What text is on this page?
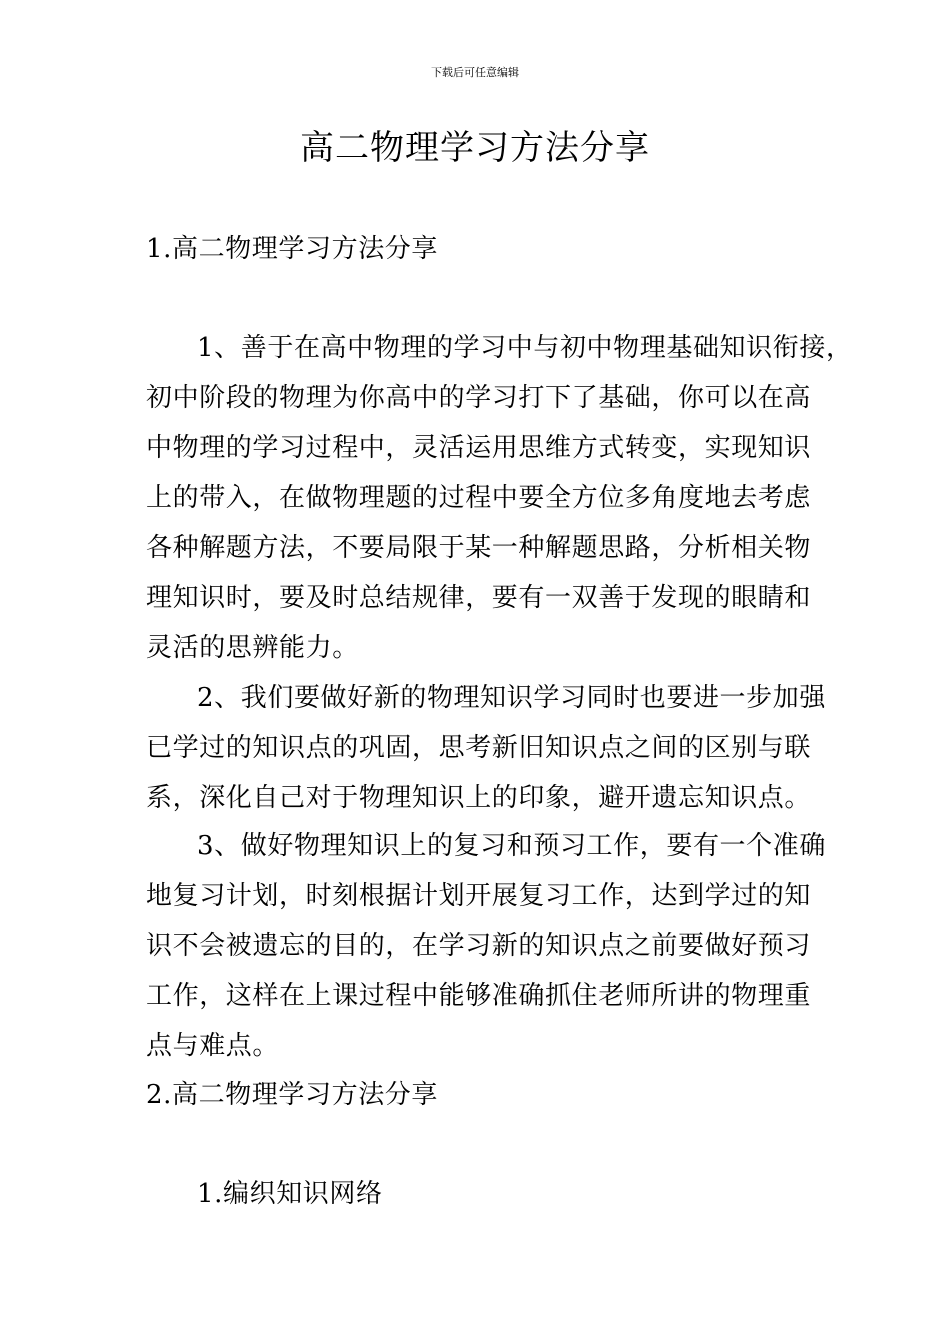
下载后可任意编辑
高二物理学习方法分享
1.高二物理学习方法分享
1、善于在高中物理的学习中与初中物理基础知识衔接，
初中阶段的物理为你高中的学习打下了基础，你可以在高
中物理的学习过程中，灵活运用思维方式转变，实现知识
上的带入，在做物理题的过程中要全方位多角度地去考虑
各种解题方法，不要局限于某一种解题思路，分析相关物
理知识时，要及时总结规律，要有一双善于发现的眼睛和
灵活的思辨能力。
2、我们要做好新的物理知识学习同时也要进一步加强
已学过的知识点的巩固，思考新旧知识点之间的区别与联
系，深化自己对于物理知识上的印象，避开遗忘知识点。
3、做好物理知识上的复习和预习工作，要有一个准确
地复习计划，时刻根据计划开展复习工作，达到学过的知
识不会被遗忘的目的，在学习新的知识点之前要做好预习
工作，这样在上课过程中能够准确抓住老师所讲的物理重
点与难点。
2.高二物理学习方法分享
1.编织知识网络
